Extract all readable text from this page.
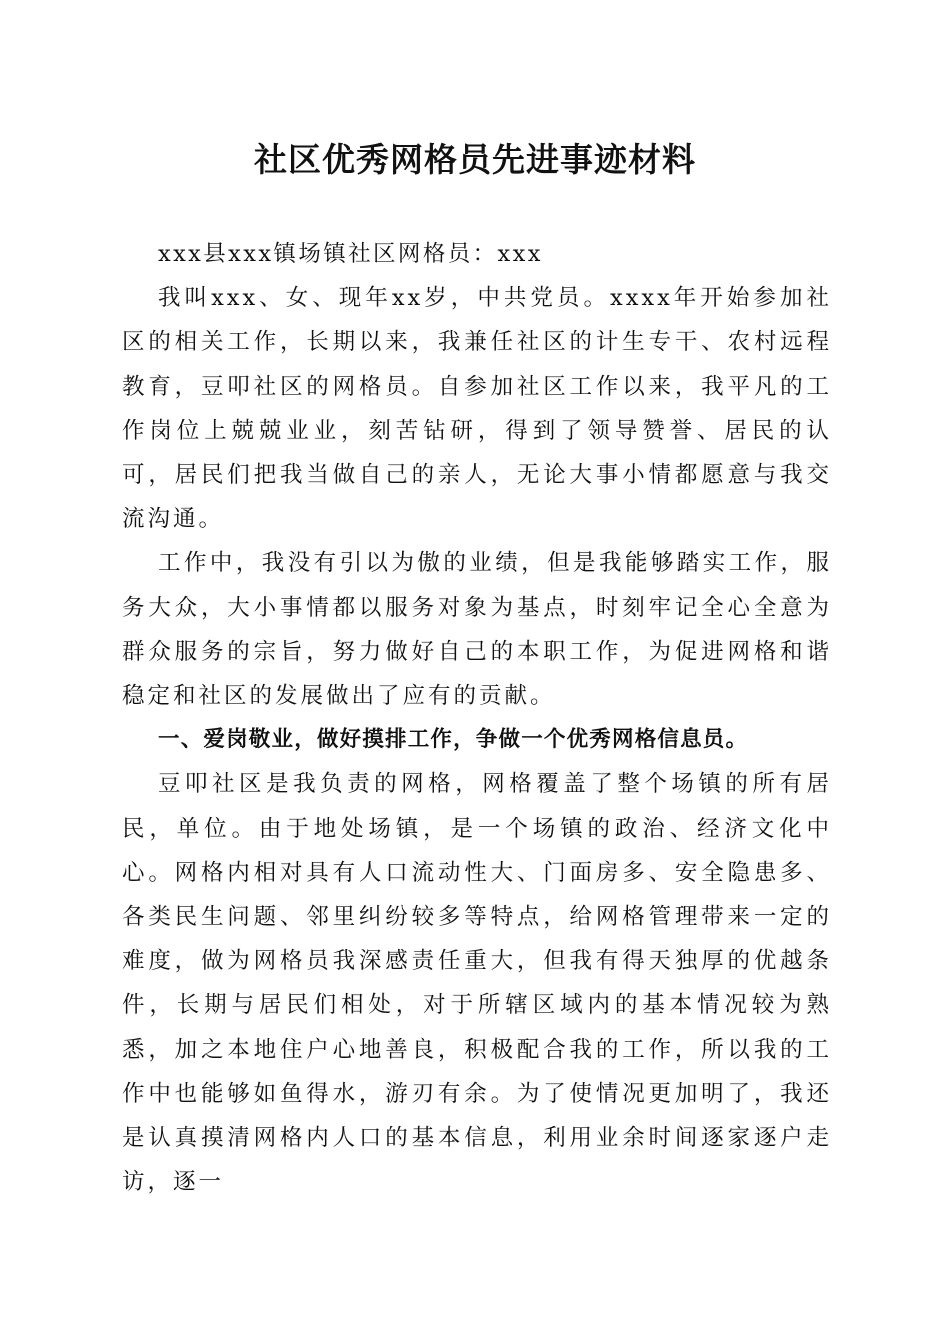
社区优秀网格员先进事迹材料

xxx县xxx镇场镇社区网格员：xxx

我叫xxx、女、现年xx岁，中共党员。xxxx年开始参加社区的相关工作，长期以来，我兼任社区的计生专干、农村远程教育，豆叩社区的网格员。自参加社区工作以来，我平凡的工作岗位上兢兢业业，刻苦钻研，得到了领导赞誉、居民的认可，居民们把我当做自己的亲人，无论大事小情都愿意与我交流沟通。

工作中，我没有引以为傲的业绩，但是我能够踏实工作，服务大众，大小事情都以服务对象为基点，时刻牢记全心全意为群众服务的宗旨，努力做好自己的本职工作，为促进网格和谐稳定和社区的发展做出了应有的贡献。

一、爱岗敬业，做好摸排工作，争做一个优秀网格信息员。

豆叩社区是我负责的网格，网格覆盖了整个场镇的所有居民，单位。由于地处场镇，是一个场镇的政治、经济文化中心。网格内相对具有人口流动性大、门面房多、安全隐患多、各类民生问题、邻里纠纷较多等特点，给网格管理带来一定的难度，做为网格员我深感责任重大，但我有得天独厚的优越条件，长期与居民们相处，对于所辖区域内的基本情况较为熟悉，加之本地住户心地善良，积极配合我的工作，所以我的工作中也能够如鱼得水，游刃有余。为了使情况更加明了，我还是认真摸清网格内人口的基本信息，利用业余时间逐家逐户走访，逐一
